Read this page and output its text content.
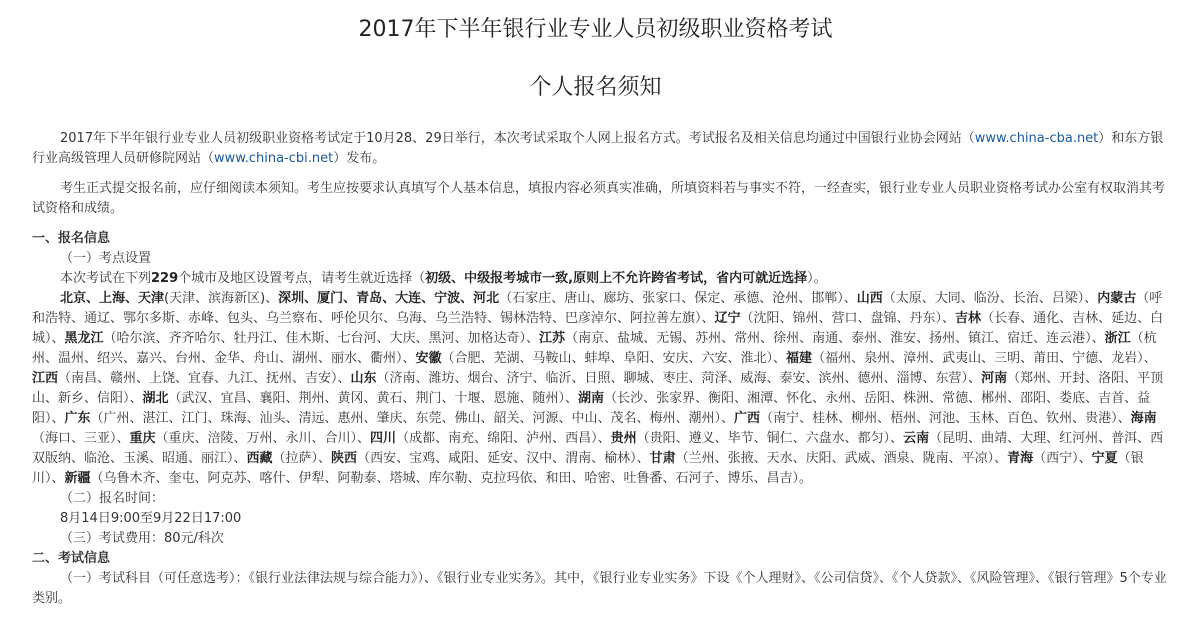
2017年下半年银行业专业人员初级职业资格考试
个人报名须知

2017年下半年银行业专业人员初级职业资格考试定于10月28、29日举行，本次考试采取个人网上报名方式。考试报名及相关信息均通过中国银行业协会网站（www.china-cba.net）和东方银行业高级管理人员研修院网站（www.china-cbi.net）发布。

考生正式提交报名前，应仔细阅读本须知。考生应按要求认真填写个人基本信息，填报内容必须真实准确，所填资料若与事实不符，一经查实，银行业专业人员职业资格考试办公室有权取消其考试资格和成绩。

一、报名信息

（一）考点设置

本次考试在下列229个城市及地区设置考点，请考生就近选择（初级、中级报考城市一致,原则上不允许跨省考试，省内可就近选择）。

北京、上海、天津(天津、滨海新区)、深圳、厦门、青岛、大连、宁波、河北（石家庄、唐山、廊坊、张家口、保定、承德、沧州、邯郸）、山西（太原、大同、临汾、长治、吕梁）、内蒙古（呼和浩特、通辽、鄂尔多斯、赤峰、包头、乌兰察布、呼伦贝尔、乌海、乌兰浩特、锡林浩特、巴彦淖尔、阿拉善左旗）、辽宁（沈阳、锦州、营口、盘锦、丹东）、吉林（长春、通化、吉林、延边、白城）、黑龙江（哈尔滨、齐齐哈尔、牡丹江、佳木斯、七台河、大庆、黑河、加格达奇）、江苏（南京、盐城、无锡、苏州、常州、徐州、南通、泰州、淮安、扬州、镇江、宿迁、连云港）、浙江（杭州、温州、绍兴、嘉兴、台州、金华、舟山、湖州、丽水、衢州）、安徽（合肥、芜湖、马鞍山、蚌埠、阜阳、安庆、六安、淮北）、福建（福州、泉州、漳州、武夷山、三明、莆田、宁德、龙岩）、江西（南昌、赣州、上饶、宜春、九江、抚州、吉安）、山东（济南、潍坊、烟台、济宁、临沂、日照、聊城、枣庄、菏泽、威海、泰安、滨州、德州、淄博、东营）、河南（郑州、开封、洛阳、平顶山、新乡、信阳）、湖北（武汉、宜昌、襄阳、荆州、黄冈、黄石、荆门、十堰、恩施、随州）、湖南（长沙、张家界、衡阳、湘潭、怀化、永州、岳阳、株洲、常德、郴州、邵阳、娄底、吉首、益阳）、广东（广州、湛江、江门、珠海、汕头、清远、惠州、肇庆、东莞、佛山、韶关、河源、中山、茂名、梅州、潮州）、广西（南宁、桂林、柳州、梧州、河池、玉林、百色、钦州、贵港）、海南（海口、三亚）、重庆（重庆、涪陵、万州、永川、合川）、四川（成都、南充、绵阳、泸州、西昌）、贵州（贵阳、遵义、毕节、铜仁、六盘水、都匀）、云南（昆明、曲靖、大理、红河州、普洱、西双版纳、临沧、玉溪、昭通、丽江）、西藏（拉萨）、陕西（西安、宝鸡、咸阳、延安、汉中、渭南、榆林）、甘肃（兰州、张掖、天水、庆阳、武威、酒泉、陇南、平凉）、青海（西宁）、宁夏（银川）、新疆（乌鲁木齐、奎屯、阿克苏、喀什、伊犁、阿勒泰、塔城、库尔勒、克拉玛依、和田、哈密、吐鲁番、石河子、博乐、昌吉）。

（二）报名时间：

8月14日9:00至9月22日17:00

（三）考试费用：80元/科次

二、考试信息

（一）考试科目（可任意选考）：《银行业法律法规与综合能力》）、《银行业专业实务》。其中，《银行业专业实务》下设《个人理财》、《公司信贷》、《个人贷款》、《风险管理》、《银行管理》5个专业类别。
